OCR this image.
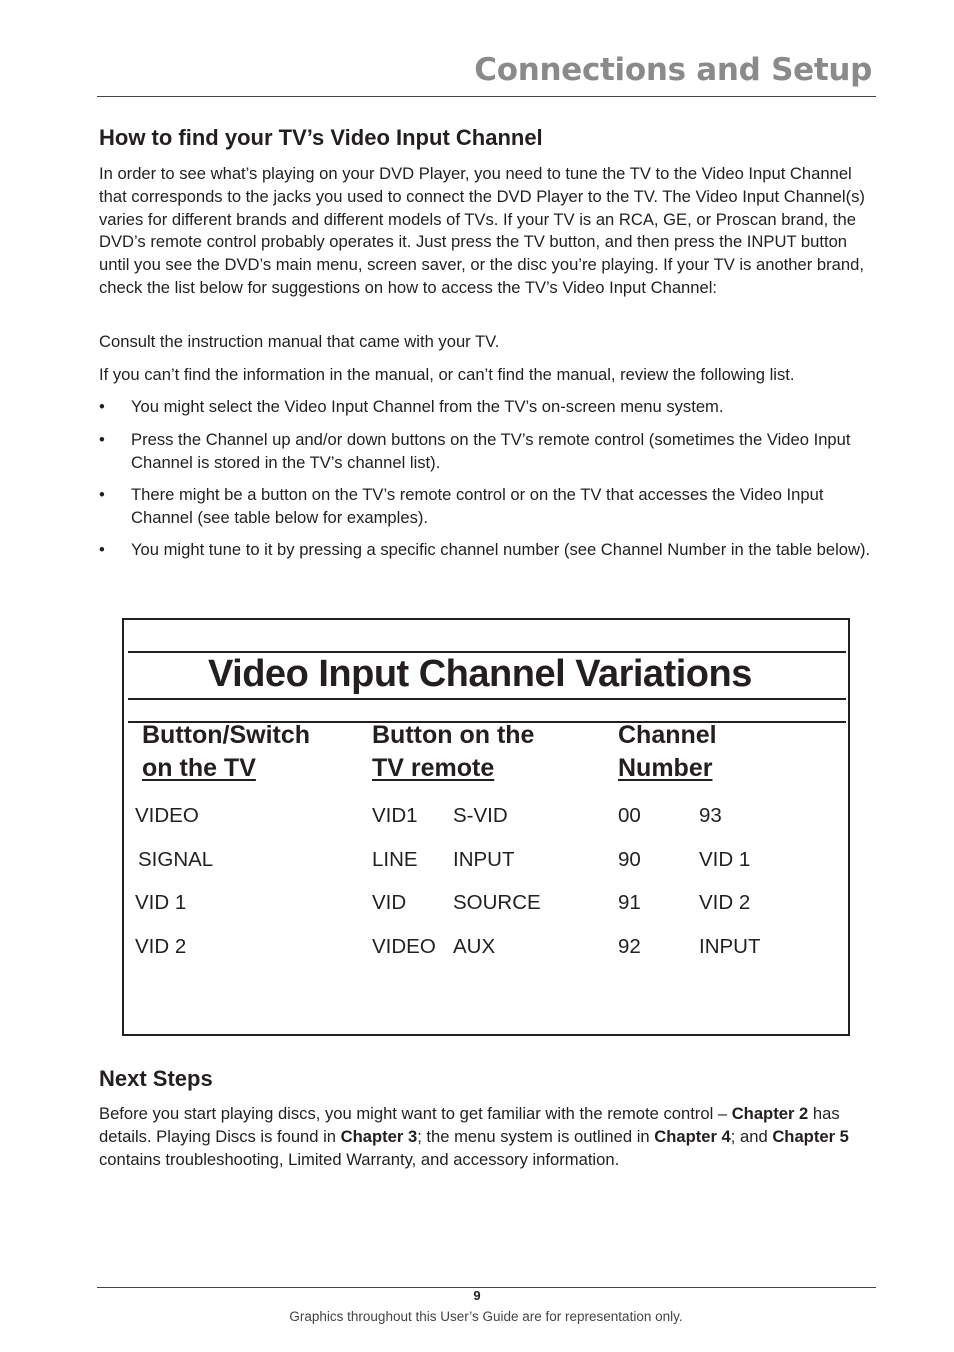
Connections and Setup
How to find your TV’s Video Input Channel

In order to see what’s playing on your DVD Player, you need to tune the TV to the Video Input Channel that corresponds to the jacks you used to connect the DVD Player to the TV. The Video Input Channel(s) varies for different brands and different models of TVs. If your TV is an RCA, GE, or Proscan brand, the DVD’s remote control probably operates it. Just press the TV button, and then press the INPUT button until you see the DVD’s main menu, screen saver, or the disc you’re playing. If your TV is another brand, check the list below for suggestions on how to access the TV’s Video Input Channel:

Consult the instruction manual that came with your TV.

If you can’t find the information in the manual, or can’t find the manual, review the following list.

• You might select the Video Input Channel from the TV’s on-screen menu system.
• Press the Channel up and/or down buttons on the TV’s remote control (sometimes the Video Input Channel is stored in the TV’s channel list).
• There might be a button on the TV’s remote control or on the TV that accesses the Video Input Channel (see table below for examples).
• You might tune to it by pressing a specific channel number (see Channel Number in the table below).
Video Input Channel Variations
Button/Switch
on the TV
Button on the
TV remote
Channel
Number
VIDEO	VID1 S-VID	00	93
SIGNAL	LINE INPUT	90	VID 1
VID 1	VID SOURCE	91	VID 2
VID 2	VIDEO AUX	92	INPUT
Next Steps

Before you start playing discs, you might want to get familiar with the remote control – Chapter 2 has details. Playing Discs is found in Chapter 3; the menu system is outlined in Chapter 4; and Chapter 5 contains troubleshooting, Limited Warranty, and accessory information.

9
Graphics throughout this User’s Guide are for representation only.
